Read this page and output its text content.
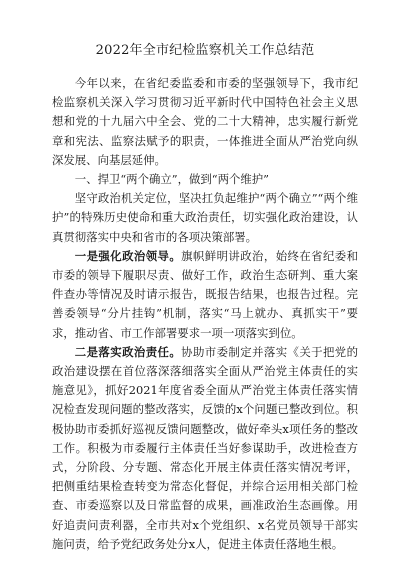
2022年全市纪检监察机关工作总结范

今年以来，在省纪委监委和市委的坚强领导下，我市纪检监察机关深入学习贯彻习近平新时代中国特色社会主义思想和党的十九届六中全会、党的二十大精神，忠实履行新党章和宪法、监察法赋予的职责，一体推进全面从严治党向纵深发展、向基层延伸。

一、捍卫“两个确立”，做到“两个维护”

坚守政治机关定位，坚决扛负起维护“两个确立”“两个维护”的特殊历史使命和重大政治责任，切实强化政治建设，认真贯彻落实中央和省市的各项决策部署。

一是强化政治领导。旗帜鲜明讲政治，始终在省纪委和市委的领导下履职尽责、做好工作，政治生态研判、重大案件查办等情况及时请示报告，既报告结果，也报告过程。完善委领导“分片挂钩”机制，落实“马上就办、真抓实干”要求，推动省、市工作部署要求一项一项落实到位。

二是落实政治责任。协助市委制定并落实《关于把党的政治建设摆在首位落深落细落实全面从严治党主体责任的实施意见》，抓好2021年度省委全面从严治党主体责任落实情况检查发现问题的整改落实，反馈的x个问题已整改到位。积极协助市委抓好巡视反馈问题整改，做好牵头x项任务的整改工作。积极为市委履行主体责任当好参谋助手，改进检查方式，分阶段、分专题、常态化开展主体责任落实情况考评，把侧重结果检查转变为常态化督促，并综合运用相关部门检查、市委巡察以及日常监督的成果，画准政治生态画像。用好追责问责利器，全市共对x个党组织、x名党员领导干部实施问责，给予党纪政务处分x人，促进主体责任落地生根。
